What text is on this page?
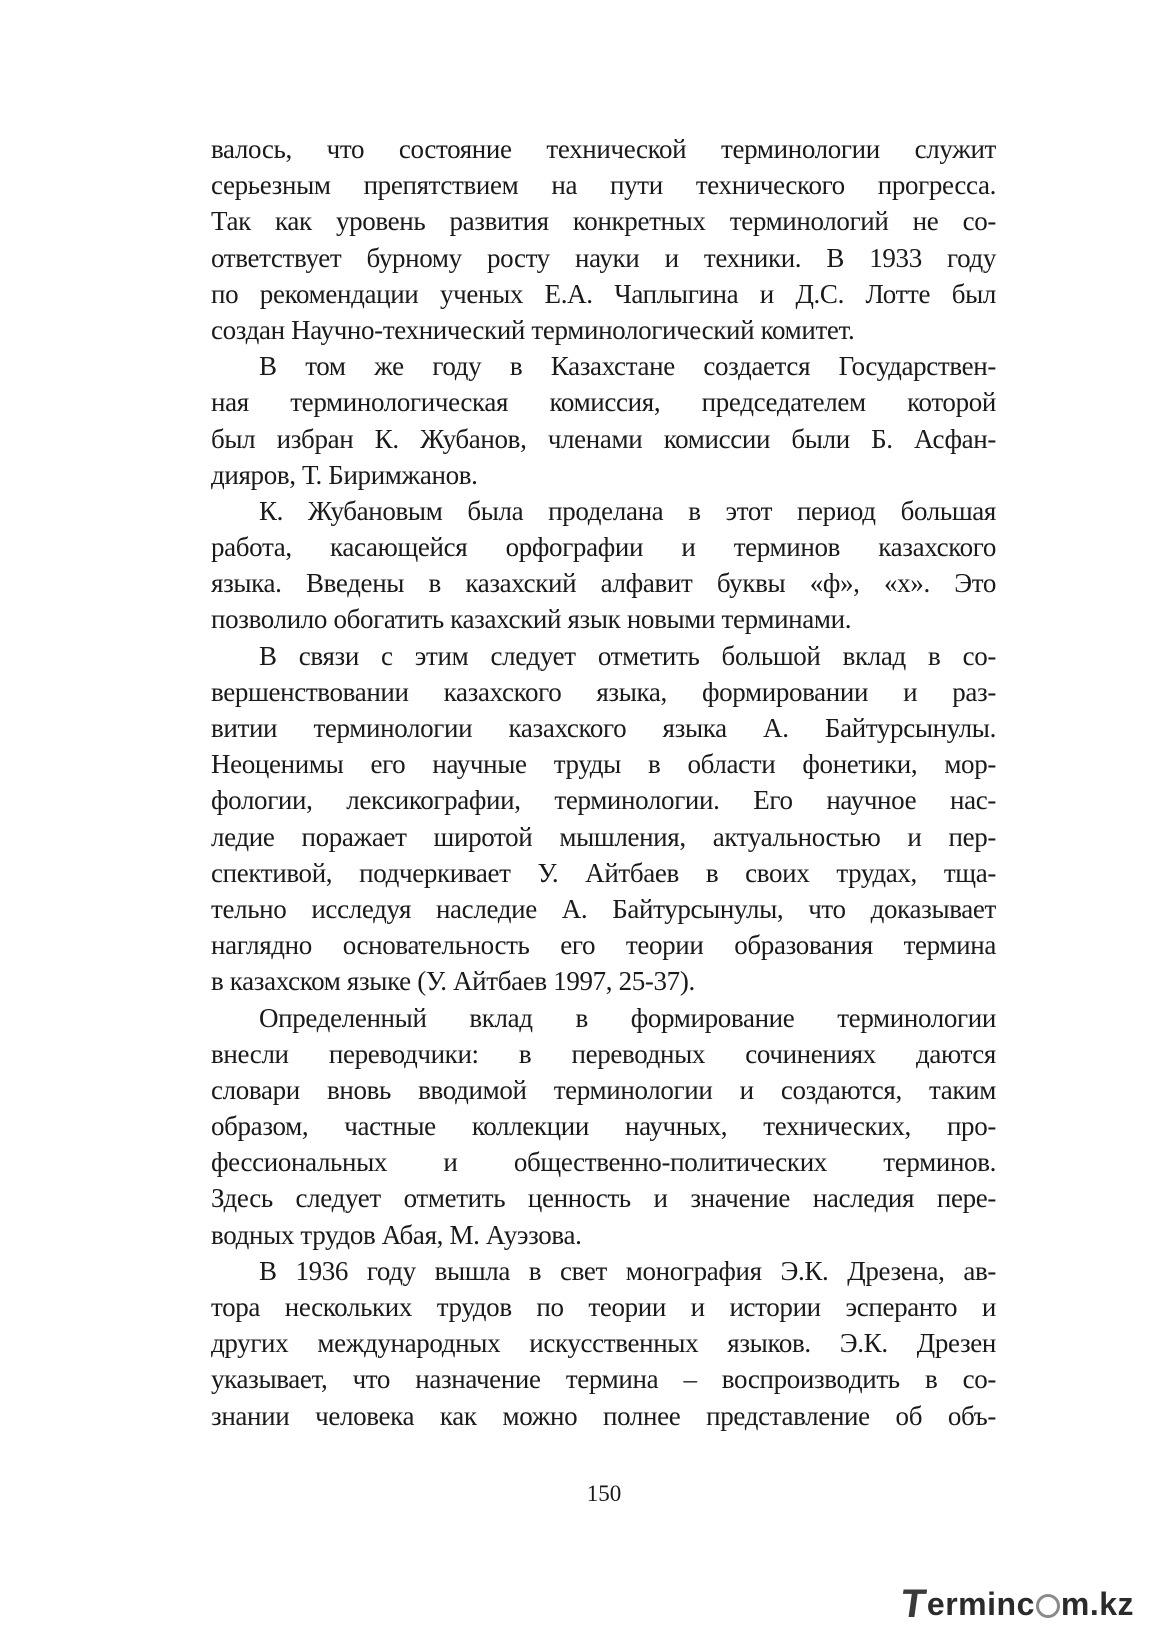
валось, что состояние технической терминологии служит
серьезным препятствием на пути технического прогресса.
Так как уровень развития конкретных терминологий не со-
ответствует бурному росту науки и техники. В 1933 году
по рекомендации ученых Е.А. Чаплыгина и Д.С. Лотте был
создан Научно-технический терминологический комитет.
В том же году в Казахстане создается Государствен-
ная терминологическая комиссия, председателем которой
был избран К. Жубанов, членами комиссии были Б. Асфан-
дияров, Т. Биримжанов.
К. Жубановым была проделана в этот период большая
работа, касающейся орфографии и терминов казахского
языка. Введены в казахский алфавит буквы «ф», «х». Это
позволило обогатить казахский язык новыми терминами.
В связи с этим следует отметить большой вклад в со-
вершенствовании казахского языка, формировании и раз-
витии терминологии казахского языка А. Байтурсынулы.
Неоценимы его научные труды в области фонетики, мор-
фологии, лексикографии, терминологии. Его научное нас-
ледие поражает широтой мышления, актуальностью и пер-
спективой, подчеркивает У. Айтбаев в своих трудах, тща-
тельно исследуя наследие А. Байтурсынулы, что доказывает
наглядно основательность его теории образования термина
в казахском языке (У. Айтбаев 1997, 25-37).
Определенный вклад в формирование терминологии
внесли переводчики: в переводных сочинениях даются
словари вновь вводимой терминологии и создаются, таким
образом, частные коллекции научных, технических, про-
фессиональных и общественно-политических терминов.
Здесь следует отметить ценность и значение наследия пере-
водных трудов Абая, М. Ауэзова.
В 1936 году вышла в свет монография Э.К. Дрезена, ав-
тора нескольких трудов по теории и истории эсперанто и
других международных искусственных языков. Э.К. Дрезен
указывает, что назначение термина – воспроизводить в со-
знании человека как можно полнее представление об объ-
150
T
ermin c m.kz
